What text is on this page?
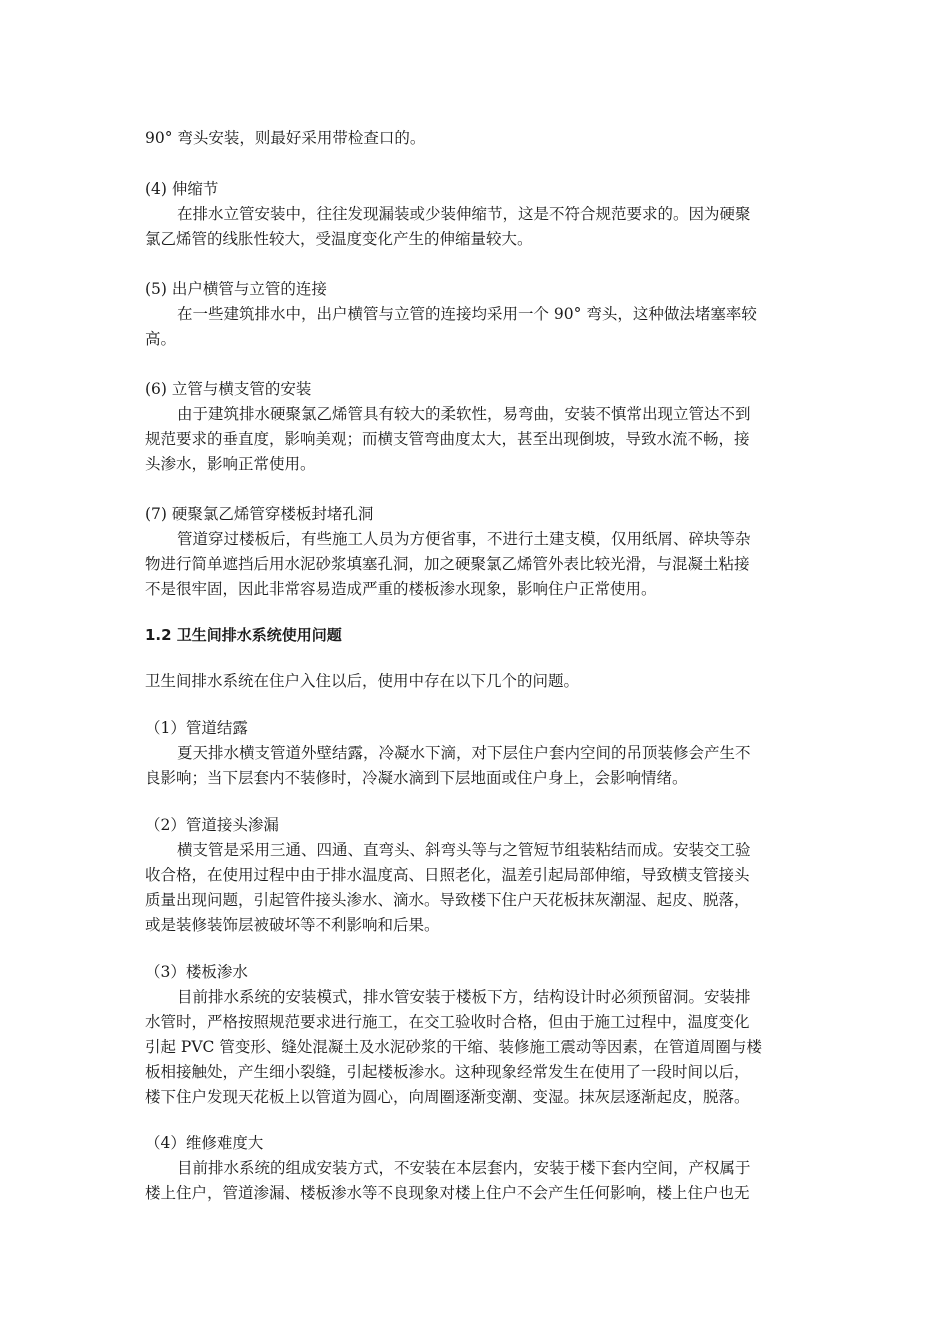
90° 弯头安装，则最好采用带检查口的。
(4) 伸缩节
在排水立管安装中，往往发现漏装或少装伸缩节，这是不符合规范要求的。因为硬聚
氯乙烯管的线胀性较大，受温度变化产生的伸缩量较大。
(5) 出户横管与立管的连接
在一些建筑排水中，出户横管与立管的连接均采用一个 90° 弯头，这种做法堵塞率较
高。
(6) 立管与横支管的安装
由于建筑排水硬聚氯乙烯管具有较大的柔软性，易弯曲，安装不慎常出现立管达不到
规范要求的垂直度，影响美观；而横支管弯曲度太大，甚至出现倒坡，导致水流不畅，接
头渗水，影响正常使用。
(7) 硬聚氯乙烯管穿楼板封堵孔洞
管道穿过楼板后，有些施工人员为方便省事，不进行土建支模，仅用纸屑、碎块等杂
物进行简单遮挡后用水泥砂浆填塞孔洞，加之硬聚氯乙烯管外表比较光滑，与混凝土粘接
不是很牢固，因此非常容易造成严重的楼板渗水现象，影响住户正常使用。
1.2 卫生间排水系统使用问题
卫生间排水系统在住户入住以后，使用中存在以下几个的问题。
（1）管道结露
夏天排水横支管道外壁结露，冷凝水下滴，对下层住户套内空间的吊顶装修会产生不
良影响；当下层套内不装修时，冷凝水滴到下层地面或住户身上，会影响情绪。
（2）管道接头渗漏
横支管是采用三通、四通、直弯头、斜弯头等与之管短节组装粘结而成。安装交工验
收合格，在使用过程中由于排水温度高、日照老化，温差引起局部伸缩，导致横支管接头
质量出现问题，引起管件接头渗水、滴水。导致楼下住户天花板抹灰潮湿、起皮、脱落，
或是装修装饰层被破坏等不利影响和后果。
（3）楼板渗水
目前排水系统的安装模式，排水管安装于楼板下方，结构设计时必须预留洞。安装排
水管时，严格按照规范要求进行施工，在交工验收时合格，但由于施工过程中，温度变化
引起 PVC 管变形、缝处混凝土及水泥砂浆的干缩、装修施工震动等因素，在管道周圈与楼
板相接触处，产生细小裂缝，引起楼板渗水。这种现象经常发生在使用了一段时间以后，
楼下住户发现天花板上以管道为圆心，向周圈逐渐变潮、变湿。抹灰层逐渐起皮，脱落。
（4）维修难度大
目前排水系统的组成安装方式，不安装在本层套内，安装于楼下套内空间，产权属于
楼上住户，管道渗漏、楼板渗水等不良现象对楼上住户不会产生任何影响，楼上住户也无
